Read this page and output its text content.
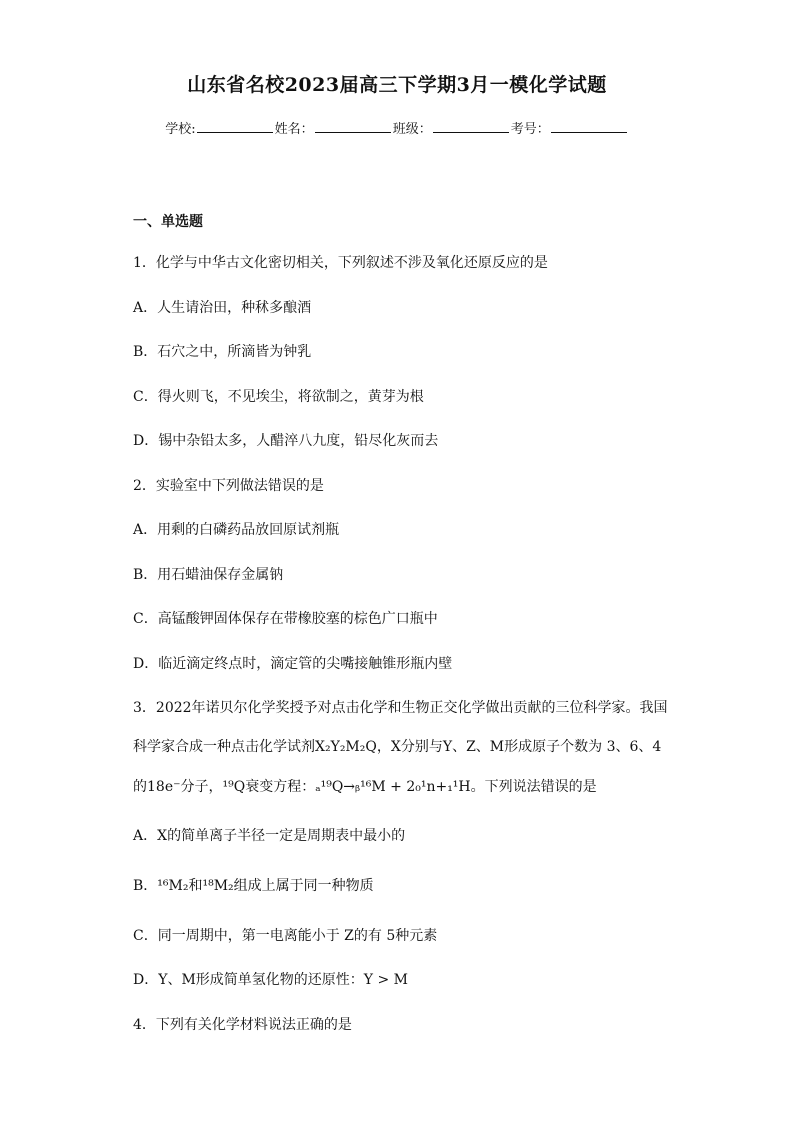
山东省名校2023届高三下学期3月一模化学试题
学校:	姓名：	班级：	考号：
一、单选题
1．化学与中华古文化密切相关，下列叙述不涉及氧化还原反应的是
A．人生请治田，种秫多酿酒
B．石穴之中，所滴皆为钟乳
C．得火则飞，不见埃尘，将欲制之，黄芽为根
D．锡中杂铅太多，人醋淬八九度，铅尽化灰而去
2．实验室中下列做法错误的是
A．用剩的白磷药品放回原试剂瓶
B．用石蜡油保存金属钠
C．高锰酸钾固体保存在带橡胶塞的棕色广口瓶中
D．临近滴定终点时，滴定管的尖嘴接触锥形瓶内壁
3．2022年诺贝尔化学奖授予对点击化学和生物正交化学做出贡献的三位科学家。我国
科学家合成一种点击化学试剂X₂Y₂M₂Q，X分别与Y、Z、M形成原子个数为 3、6、4
的18e⁻分子，¹⁹Q衰变方程：ₐ¹⁹Q→ᵦ¹⁶M + 2₀¹n+₁¹H。下列说法错误的是
A．X的简单离子半径一定是周期表中最小的
B．¹⁶M₂和¹⁸M₂组成上属于同一种物质
C．同一周期中，第一电离能小于 Z的有 5种元素
D．Y、M形成简单氢化物的还原性：Y > M
4．下列有关化学材料说法正确的是
